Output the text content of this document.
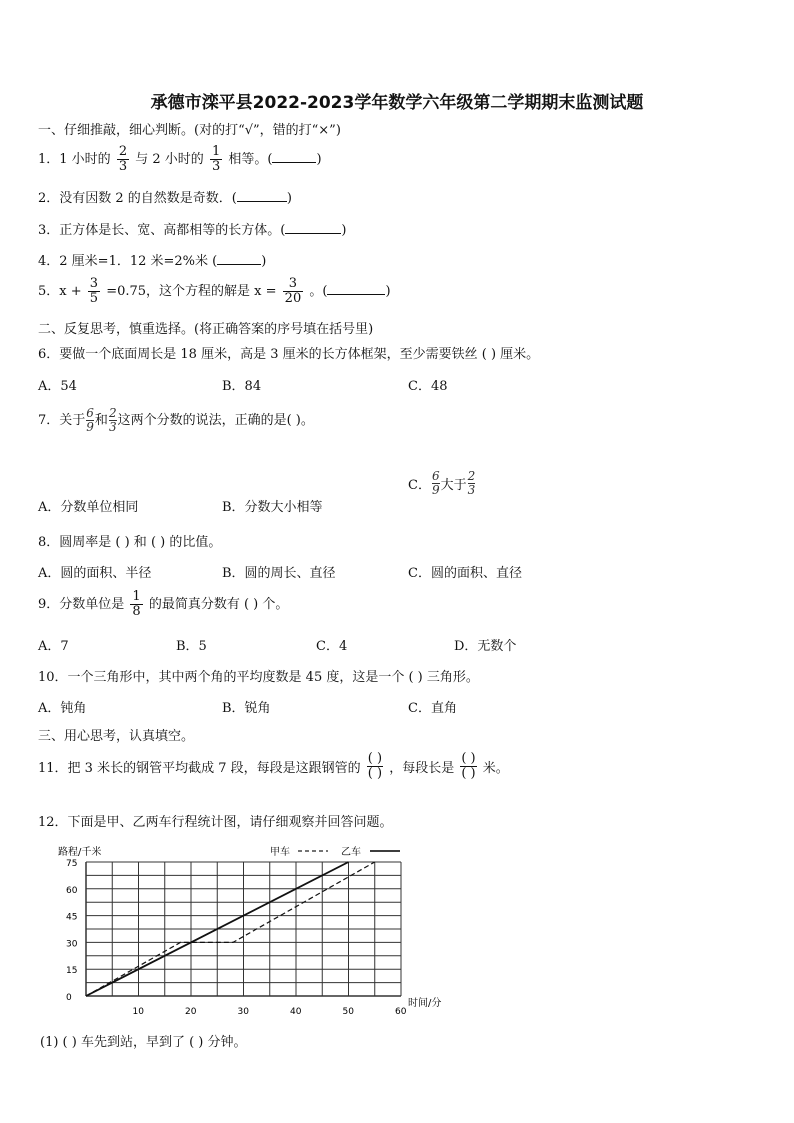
承德市滦平县2022-2023学年数学六年级第二学期期末监测试题
一、仔细推敲，细心判断。(对的打“√”，错的打“×”)
1．1 小时的 $\frac{2}{3}$ 与 2 小时的 $\frac{1}{3}$ 相等。(	)
2．没有因数 2 的自然数是奇数．(	)
3．正方体是长、宽、高都相等的长方体。(	)
4．2 厘米=1．12 米=2%米 (	)
5．$x + \frac{3}{5} =0.75$，这个方程的解是 $x = \frac{3}{20}$ 。(	)
二、反复思考，慎重选择。(将正确答案的序号填在括号里)
6．要做一个底面周长是 18 厘米，高是 3 厘米的长方体框架，至少需要铁丝 ( ) 厘米。
A．54	B．84	C．48
7．关于 $\frac{6}{9}$和 $\frac{2}{3}$这两个分数的说法，正确的是( )。
A．分数单位相同	B．分数大小相等
C． $\frac{6}{9}$大于 $\frac{2}{3}$
8．圆周率是 ( ) 和 ( ) 的比值。
A．圆的面积、半径	B．圆的周长、直径	C．圆的面积、直径
9．分数单位是 $\frac{1}{8}$ 的最简真分数有 ( ) 个。
A．7	B．5	C．4	D．无数个
10．一个三角形中，其中两个角的平均度数是 45 度，这是一个 ( ) 三角形。
A．钝角	B．锐角	C．直角
三、用心思考，认真填空。
11．把 3 米长的钢管平均截成 7 段，每段是这跟钢管的
( )
( ) ，每段长是
( )
( ) 米。
12．下面是甲、乙两车行程统计图，请仔细观察并回答问题。
路程/千米	甲车	乙车
时间/分
0
15
30
45
60
75
10	20	30	40	50	60
(1) ( ) 车先到站，早到了 ( ) 分钟。
